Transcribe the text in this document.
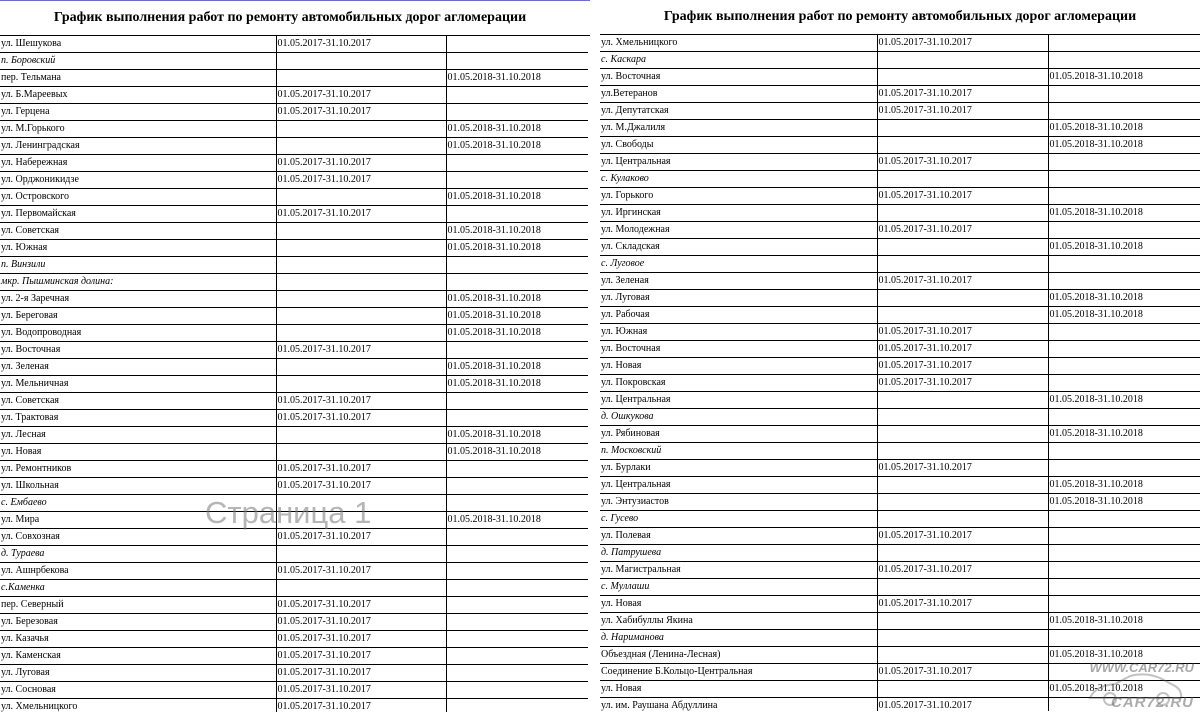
График выполнения работ по ремонту автомобильных дорог агломерации
ул. Шешукова	01.05.2017-31.10.2017	
п. Боровский		
пер. Тельмана		01.05.2018-31.10.2018
ул. Б.Мареевых	01.05.2017-31.10.2017	
ул. Герцена	01.05.2017-31.10.2017	
ул. М.Горького		01.05.2018-31.10.2018
ул. Ленинградская		01.05.2018-31.10.2018
ул. Набережная	01.05.2017-31.10.2017	
ул. Орджоникидзе	01.05.2017-31.10.2017	
ул. Островского		01.05.2018-31.10.2018
ул. Первомайская	01.05.2017-31.10.2017	
ул. Советская		01.05.2018-31.10.2018
ул. Южная		01.05.2018-31.10.2018
п. Винзили		
мкр. Пышминская долина:		
ул. 2-я Заречная		01.05.2018-31.10.2018
ул. Береговая		01.05.2018-31.10.2018
ул. Водопроводная		01.05.2018-31.10.2018
ул. Восточная	01.05.2017-31.10.2017	
ул. Зеленая		01.05.2018-31.10.2018
ул. Мельничная		01.05.2018-31.10.2018
ул. Советская	01.05.2017-31.10.2017	
ул. Трактовая	01.05.2017-31.10.2017	
ул. Лесная		01.05.2018-31.10.2018
ул. Новая		01.05.2018-31.10.2018
ул. Ремонтников	01.05.2017-31.10.2017	
ул. Школьная	01.05.2017-31.10.2017	
с. Ембаево		
ул. Мира		01.05.2018-31.10.2018
ул. Совхозная	01.05.2017-31.10.2017	
д. Тураева		
ул. Ашнрбекова	01.05.2017-31.10.2017	
с.Каменка		
пер. Северный	01.05.2017-31.10.2017	
ул. Березовая	01.05.2017-31.10.2017	
ул. Казачья	01.05.2017-31.10.2017	
ул. Каменская	01.05.2017-31.10.2017	
ул. Луговая	01.05.2017-31.10.2017	
ул. Сосновая	01.05.2017-31.10.2017	
ул. Хмельницкого	01.05.2017-31.10.2017	
Страница 1
График выполнения работ по ремонту автомобильных дорог агломерации
ул. Хмельницкого	01.05.2017-31.10.2017	
с. Каскара		
ул. Восточная		01.05.2018-31.10.2018
ул.Ветеранов	01.05.2017-31.10.2017	
ул. Депутатская	01.05.2017-31.10.2017	
ул. М.Джалиля		01.05.2018-31.10.2018
ул. Свободы		01.05.2018-31.10.2018
ул. Центральная	01.05.2017-31.10.2017	
с. Кулаково		
ул. Горького	01.05.2017-31.10.2017	
ул. Иргинская		01.05.2018-31.10.2018
ул. Молодежная	01.05.2017-31.10.2017	
ул. Складская		01.05.2018-31.10.2018
с. Луговое		
ул. Зеленая	01.05.2017-31.10.2017	
ул. Луговая		01.05.2018-31.10.2018
ул. Рабочая		01.05.2018-31.10.2018
ул. Южная	01.05.2017-31.10.2017	
ул. Восточная	01.05.2017-31.10.2017	
ул. Новая	01.05.2017-31.10.2017	
ул. Покровская	01.05.2017-31.10.2017	
ул. Центральная		01.05.2018-31.10.2018
д. Ошкукова		
ул. Рябиновая		01.05.2018-31.10.2018
п. Московский		
ул. Бурлаки	01.05.2017-31.10.2017	
ул. Центральная		01.05.2018-31.10.2018
ул. Энтузиастов		01.05.2018-31.10.2018
с. Гусево		
ул. Полевая	01.05.2017-31.10.2017	
д. Патрушева		
ул. Магистральная	01.05.2017-31.10.2017	
с. Муллаши		
ул. Новая	01.05.2017-31.10.2017	
ул. Хабибуллы Якина		01.05.2018-31.10.2018
д. Нариманова		
Объездная (Ленина-Лесная)		01.05.2018-31.10.2018
Соединение Б.Кольцо-Центральная	01.05.2017-31.10.2017	
ул. Новая		01.05.2018-31.10.2018
ул. им. Раушана Абдуллина	01.05.2017-31.10.2017	
WWW.CAR72.RU
CAR72.RU
